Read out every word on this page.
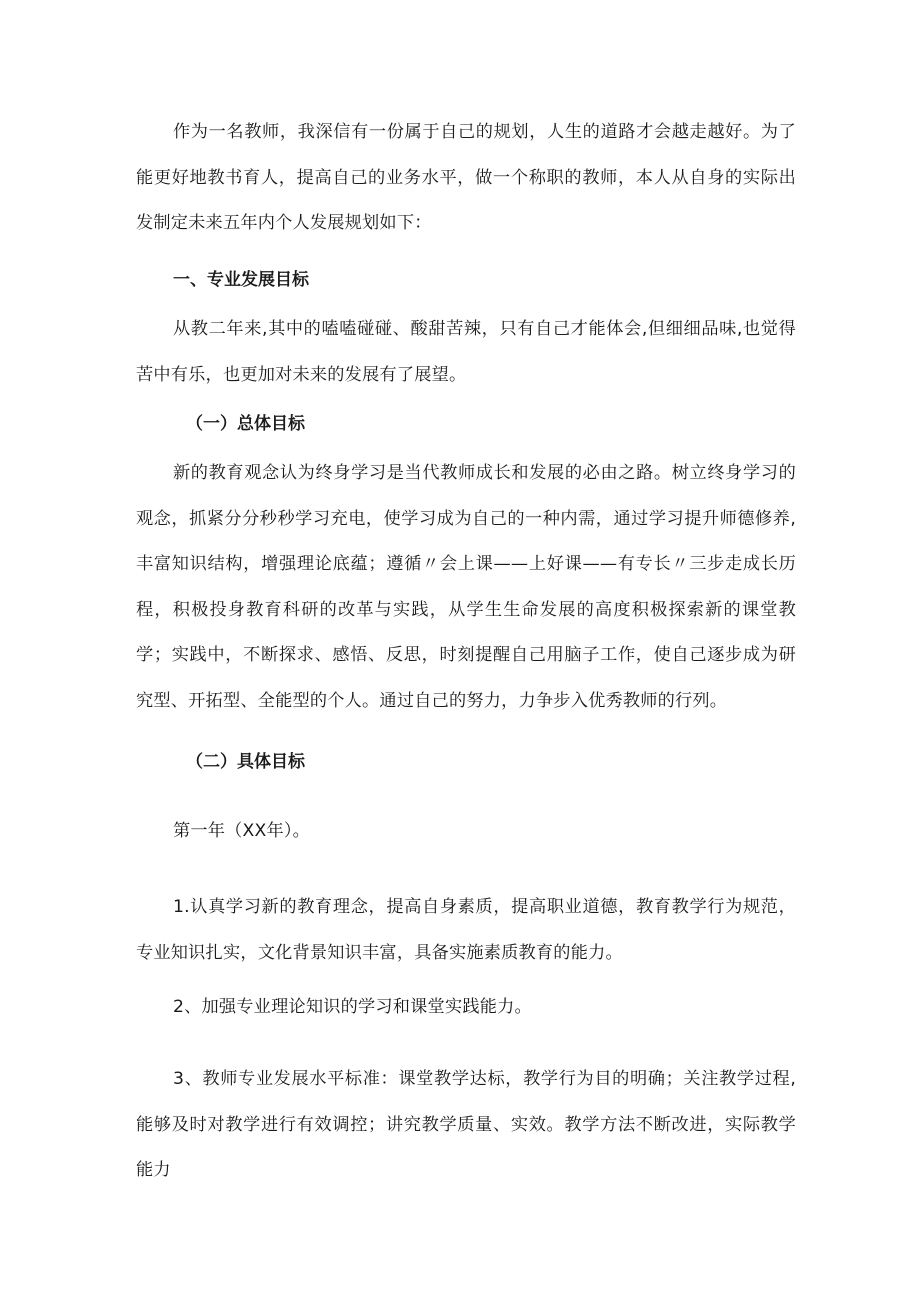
作为一名教师，我深信有一份属于自己的规划，人生的道路才会越走越好。为了能更好地教书育人，提高自己的业务水平，做一个称职的教师，本人从自身的实际出发制定未来五年内个人发展规划如下：

一、专业发展目标

从教二年来,其中的嗑嗑碰碰、酸甜苦辣，只有自己才能体会,但细细品味,也觉得苦中有乐，也更加对未来的发展有了展望。

（一）总体目标

新的教育观念认为终身学习是当代教师成长和发展的必由之路。树立终身学习的观念，抓紧分分秒秒学习充电，使学习成为自己的一种内需，通过学习提升师德修养,丰富知识结构，增强理论底蕴；遵循〃会上课——上好课——有专长〃三步走成长历程，积极投身教育科研的改革与实践，从学生生命发展的高度积极探索新的课堂教学；实践中，不断探求、感悟、反思，时刻提醒自己用脑子工作，使自己逐步成为研究型、开拓型、全能型的个人。通过自己的努力，力争步入优秀教师的行列。

（二）具体目标

第一年（XX年）。

1.认真学习新的教育理念，提高自身素质，提高职业道德，教育教学行为规范，专业知识扎实，文化背景知识丰富，具备实施素质教育的能力。

2、加强专业理论知识的学习和课堂实践能力。

3、教师专业发展水平标准：课堂教学达标，教学行为目的明确；关注教学过程,能够及时对教学进行有效调控；讲究教学质量、实效。教学方法不断改进，实际教学能力
